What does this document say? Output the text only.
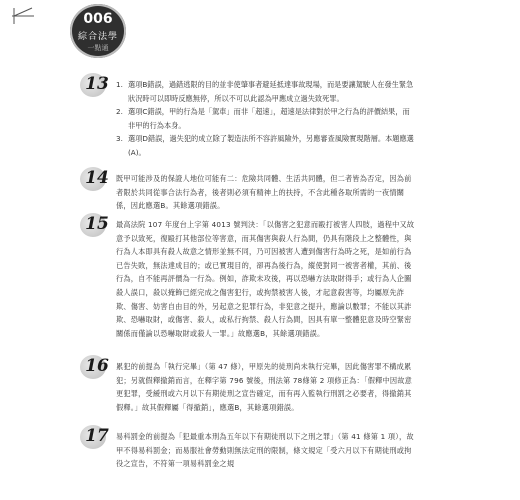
006
綜合法學
一點通
13 1. 選項B錯誤，過錯逃限的目的並非使肇事者避延抵達事故現場，而是要讓駕駛人在發生緊急狀況時可以即時反應無停，所以不可以此認為甲應成立過失致死罪。
2. 選項C錯誤，甲的行為是「駕車」而非「超速」，超速是法律對於甲之行為的評價結果，而非甲的行為本身。
3. 選項D錯誤，過失犯的成立除了製造法所不容許風險外，另應審查風險實現階層。本題應選(A)。
14 既甲可能涉及的保證人地位可能有二：危險共同體、生活共同體，但二者皆為否定，因為前者限於共同從事合法行為者，後者則必須有精神上的扶持，不含此種各取所需的一夜情關係，因此應選B。其餘選項錯誤。

15 最高法院 107 年度台上字第 4013 號判決：「以傷害之犯意而毆打被害人四肢，過程中又故意予以致死，復毆打其他部位等害意，而其傷害與殺人行為間，仍具有階段上之整體性，與行為人本即具有殺人故意之情形並無不同，乃可因被害人遭到傷害行為時之死，是如前行為已告失敗，無法達成目的；或已實現目的，卻再為後行為，縱使對同一被害者權，其前、後行為，自不能再評價為一行為。例如，詐欺未攻後，再以恐嚇方法取財得手；或行為人企圖殺人誤口，殺以掩飾已經完成之傷害犯行，或拘禁被害人後，才起意殺害等，均屬原先詐欺、傷害、妨害自由目的外，另起意之犯罪行為，非犯意之提升，應論以數罪；不能以其詐欺、恐嚇取財，或傷害、殺人，或私行拘禁、殺人行為間，因具有單一整體犯意及時空緊密關係而僅論以恐嚇取財或殺人一罪。」故應選B，其餘選項錯誤。

16 累犯的前提為「執行完畢」（第 47 條），甲原先的徒刑尚未執行完畢，因此傷害罪不構成累犯；另就假釋撤銷而言，在釋字第 796 號後，刑法第 78條第 2 項修正為：「假釋中因故意更犯罪，受緩刑或六月以下有期徒刑之宣告確定，而有再入監執行刑罰之必要者，得撤銷其假釋。」故其假釋屬「得撤銷」，應選B，其餘選項錯誤。

17 易科罰金的前提為「犯最重本刑為五年以下有期徒刑以下之刑之罪」（第 41 條第 1 項），故甲不得易科罰金；而易服社會勞動則無法定刑的限制，條文規定「受六月以下有期徒刑或拘役之宣告，不符第一項易科罰金之規
